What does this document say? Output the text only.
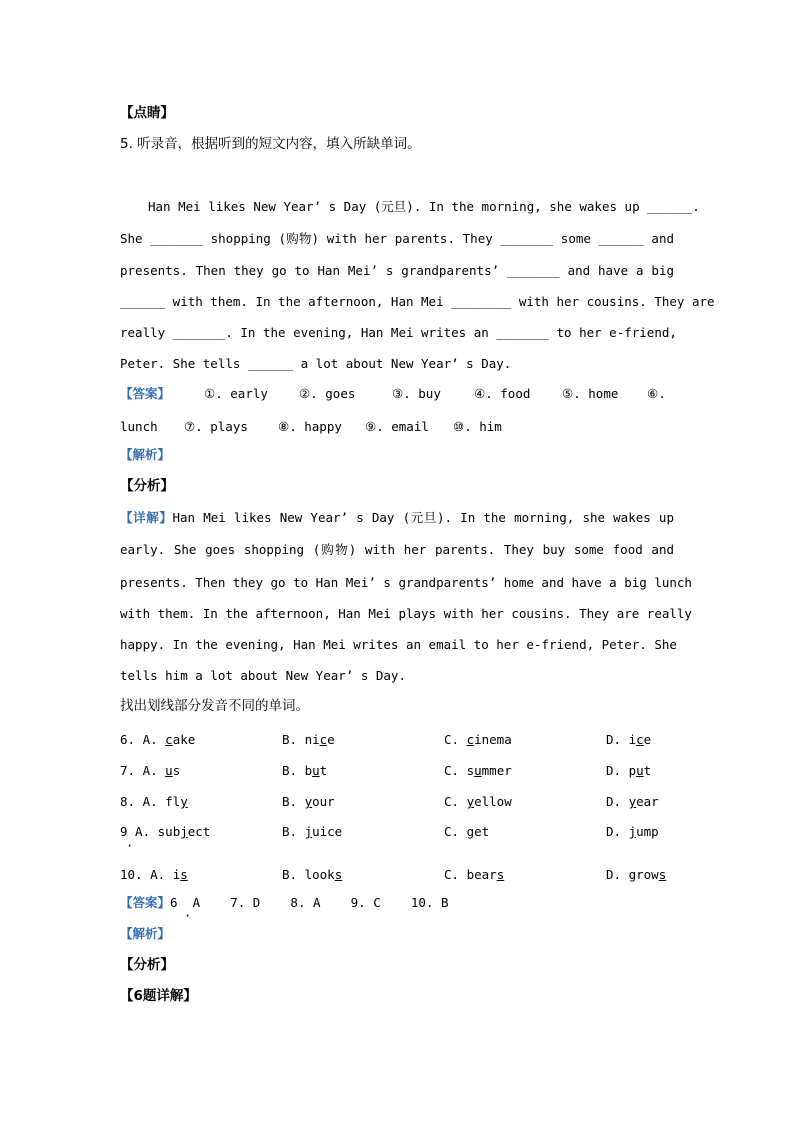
【点睛】
5. 听录音，根据听到的短文内容，填入所缺单词。
Han Mei likes New Year’ s Day (元旦). In the morning, she wakes up ______.
She _______ shopping (购物) with her parents. They _______ some ______ and
presents. Then they go to Han Mei’ s grandparents’ _______ and have a big
______ with them. In the afternoon, Han Mei ________ with her cousins. They are
really _______. In the evening, Han Mei writes an _______ to her e-friend,
Peter. She tells ______ a lot about New Year’ s Day.
【答案】	①. early ②. goes	③. buy	④. food	⑤. home ⑥.
lunch ⑦. plays ⑧. happy ⑨. email ⑩. him
【解析】
【分析】
【详解】Han Mei likes New Year’ s Day (元旦). In the morning, she wakes up
early. She goes shopping (购物) with her parents. They buy some food and
presents. Then they go to Han Mei’ s grandparents’ home and have a big lunch
with them. In the afternoon, Han Mei plays with her cousins. They are really
happy. In the evening, Han Mei writes an email to her e-friend, Peter. She
tells him a lot about New Year’ s Day.
找出划线部分发音不同的单词。
6. A. cake	B. nice	C. cinema	D. ice
7. A. us	B. but	C. summer	D. put
8. A. fly	B. your	C. yellow	D. year
9 A. subject	B. juice	C. get	D. jump
·
10. A. is	B. looks	C. bears	D. grows
【答案】6  A    7. D    8. A    9. C    10. B
·
【解析】
【分析】
【6题详解】
